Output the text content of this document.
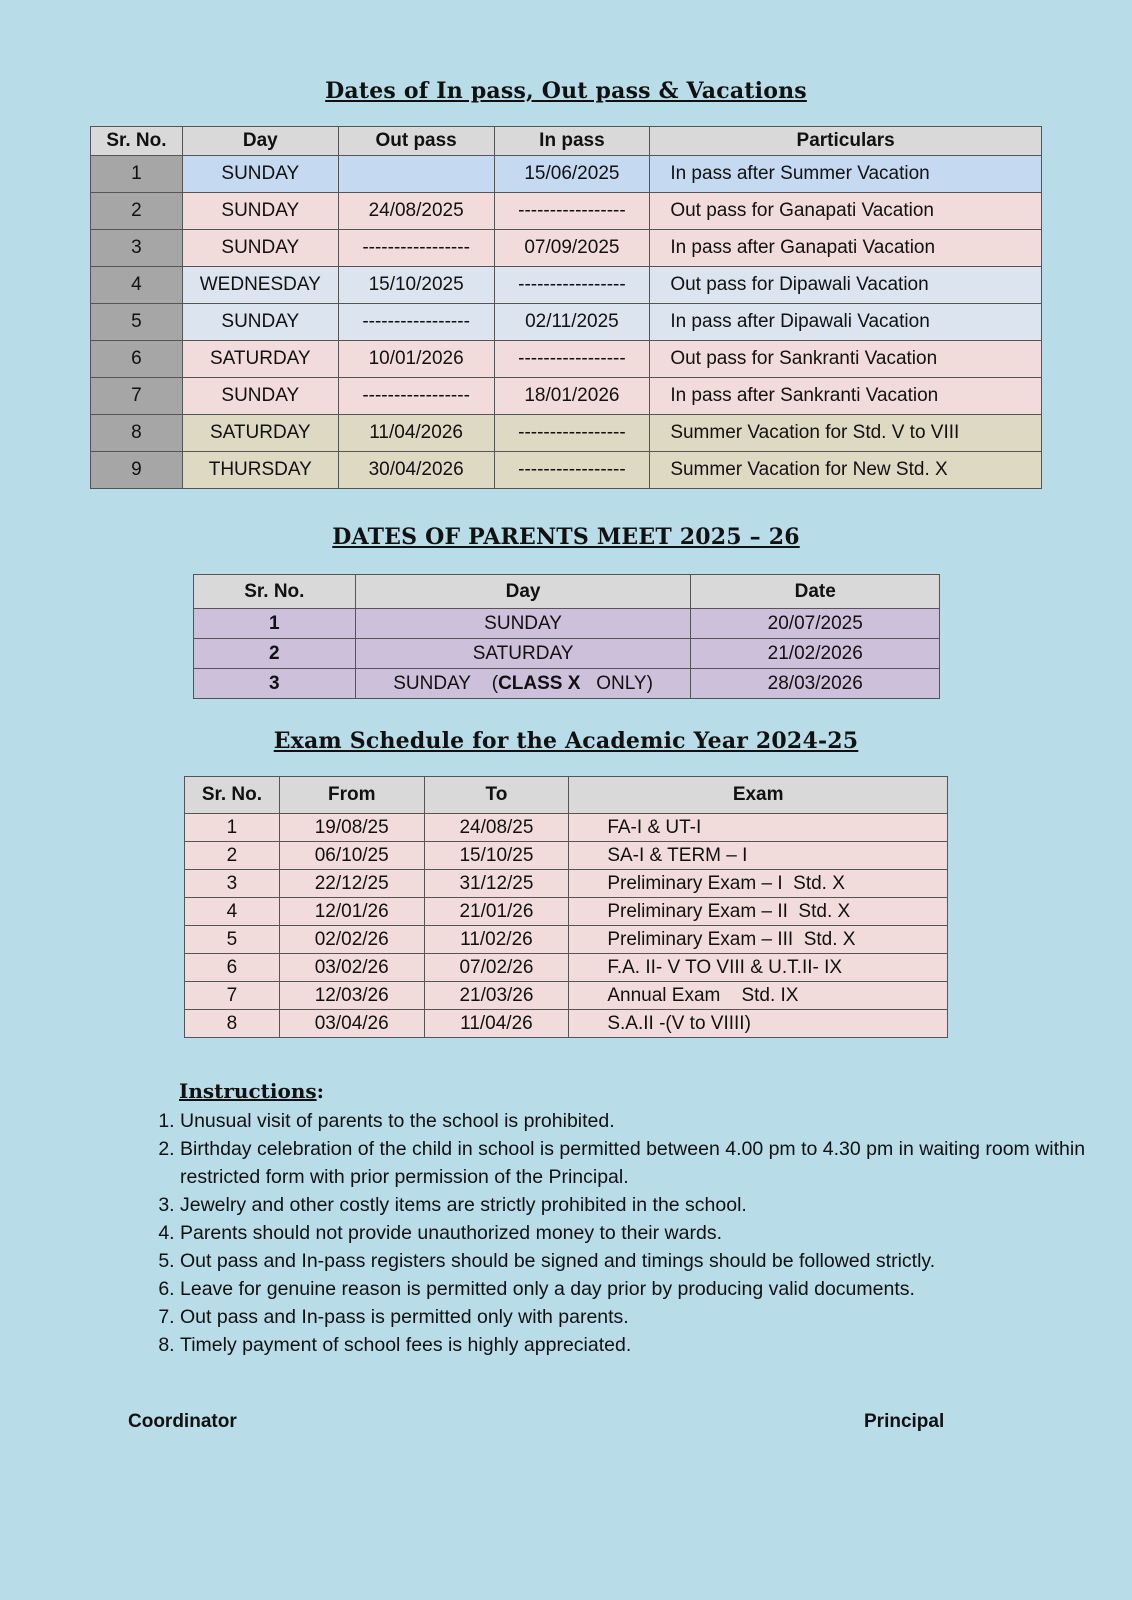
Dates of In pass, Out pass & Vacations
Sr. No.	Day	Out pass	In pass	Particulars
1	SUNDAY		15/06/2025	In pass after Summer Vacation
2	SUNDAY	24/08/2025	-----------------	Out pass for Ganapati Vacation
3	SUNDAY	-----------------	07/09/2025	In pass after Ganapati Vacation
4	WEDNESDAY	15/10/2025	-----------------	Out pass for Dipawali Vacation
5	SUNDAY	-----------------	02/11/2025	In pass after Dipawali Vacation
6	SATURDAY	10/01/2026	-----------------	Out pass for Sankranti Vacation
7	SUNDAY	-----------------	18/01/2026	In pass after Sankranti Vacation
8	SATURDAY	11/04/2026	-----------------	Summer Vacation for Std. V to VIII
9	THURSDAY	30/04/2026	-----------------	Summer Vacation for New Std. X
DATES OF PARENTS MEET 2025 – 26
Sr. No.	Day	Date
1	SUNDAY	20/07/2025
2	SATURDAY	21/02/2026
3	SUNDAY    (CLASS X   ONLY)	28/03/2026
Exam Schedule for the Academic Year 2024-25
Sr. No.	From	To	Exam
1	19/08/25	24/08/25	FA-I & UT-I
2	06/10/25	15/10/25	SA-I & TERM – I
3	22/12/25	31/12/25	Preliminary Exam – I  Std. X
4	12/01/26	21/01/26	Preliminary Exam – II  Std. X
5	02/02/26	11/02/26	Preliminary Exam – III  Std. X
6	03/02/26	07/02/26	F.A. II- V TO VIII & U.T.II- IX
7	12/03/26	21/03/26	Annual Exam    Std. IX
8	03/04/26	11/04/26	S.A.II -(V to VIIII)
Instructions:
1. Unusual visit of parents to the school is prohibited.
2. Birthday celebration of the child in school is permitted between 4.00 pm to 4.30 pm in waiting room within restricted form with prior permission of the Principal.
3. Jewelry and other costly items are strictly prohibited in the school.
4. Parents should not provide unauthorized money to their wards.
5. Out pass and In-pass registers should be signed and timings should be followed strictly.
6. Leave for genuine reason is permitted only a day prior by producing valid documents.
7. Out pass and In-pass is permitted only with parents.
8. Timely payment of school fees is highly appreciated.
Coordinator	Principal
